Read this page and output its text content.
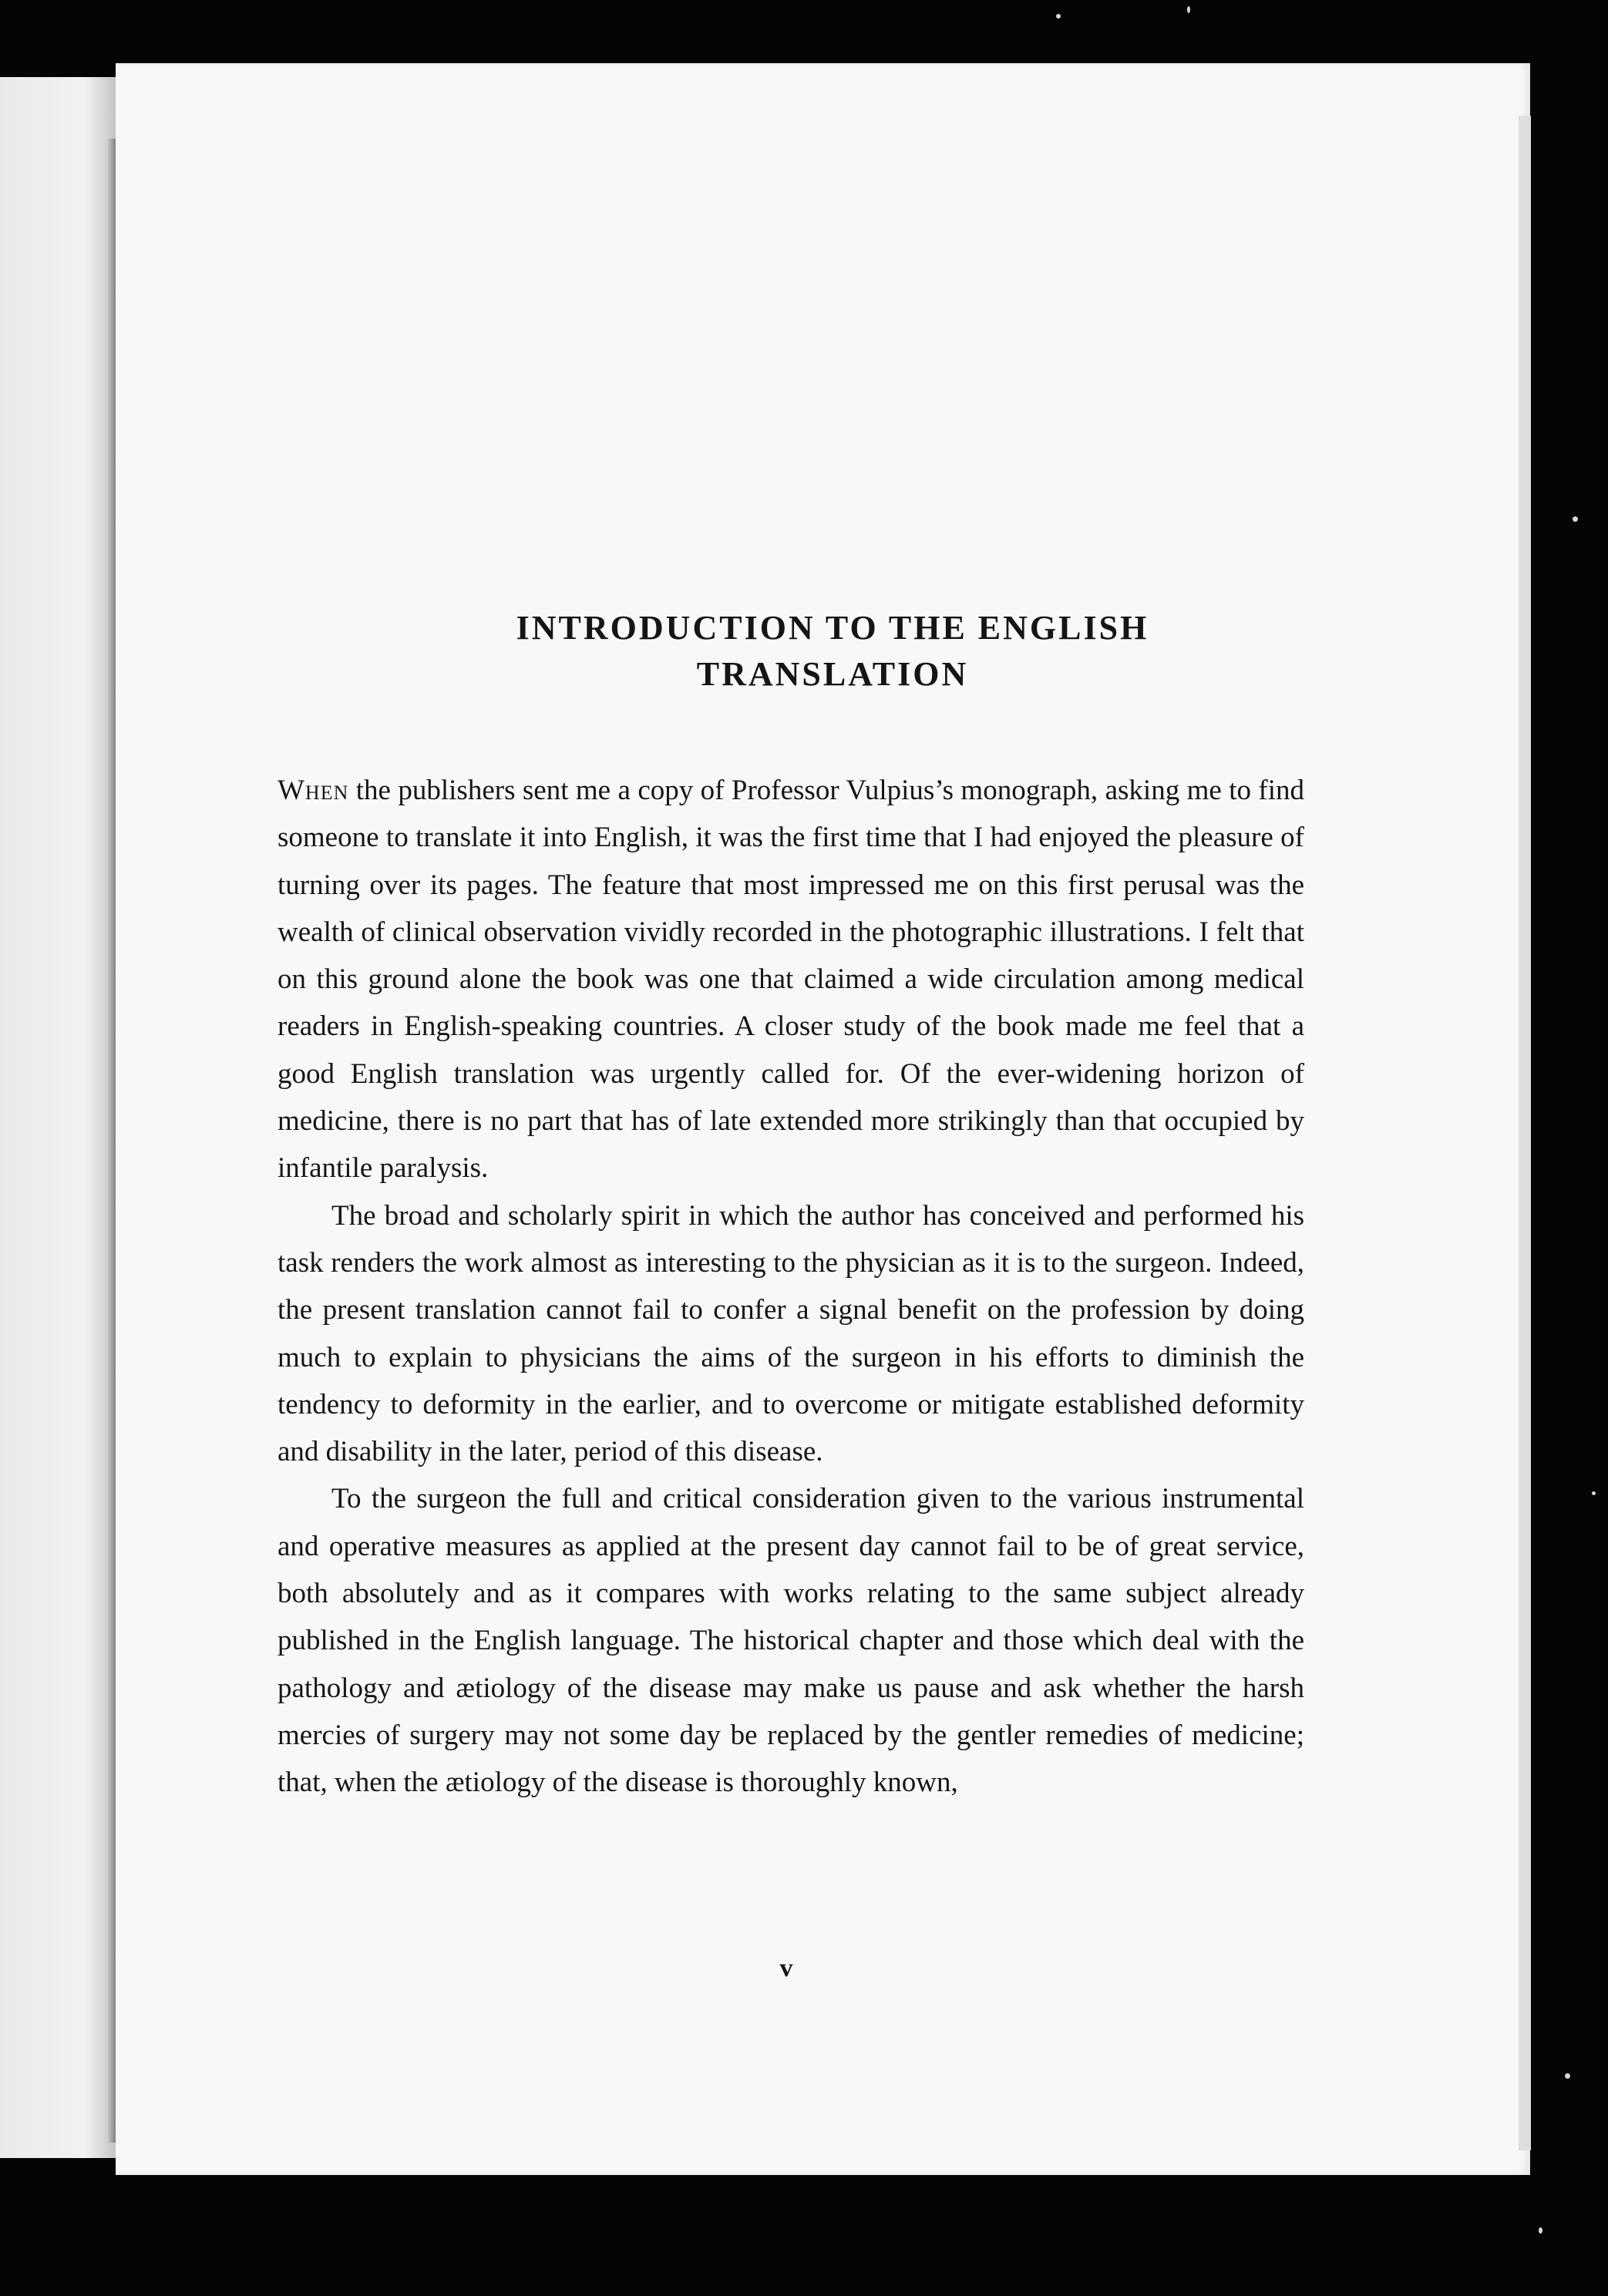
INTRODUCTION TO THE ENGLISH
TRANSLATION

When the publishers sent me a copy of Professor Vulpius’s monograph, asking me to find someone to translate it into English, it was the first time that I had enjoyed the pleasure of turning over its pages. The feature that most impressed me on this first perusal was the wealth of clinical observation vividly recorded in the photographic illustrations. I felt that on this ground alone the book was one that claimed a wide circulation among medical readers in English-speaking countries. A closer study of the book made me feel that a good English translation was urgently called for. Of the ever-widening horizon of medicine, there is no part that has of late extended more strikingly than that occupied by infantile paralysis.

The broad and scholarly spirit in which the author has conceived and performed his task renders the work almost as interesting to the physician as it is to the surgeon. Indeed, the present translation cannot fail to confer a signal benefit on the profession by doing much to explain to physicians the aims of the surgeon in his efforts to diminish the tendency to deformity in the earlier, and to overcome or mitigate established deformity and disability in the later, period of this disease.

To the surgeon the full and critical consideration given to the various instrumental and operative measures as applied at the present day cannot fail to be of great service, both absolutely and as it compares with works relating to the same subject already published in the English language. The historical chapter and those which deal with the pathology and ætiology of the disease may make us pause and ask whether the harsh mercies of surgery may not some day be replaced by the gentler remedies of medicine; that, when the ætiology of the disease is thoroughly known,

v
